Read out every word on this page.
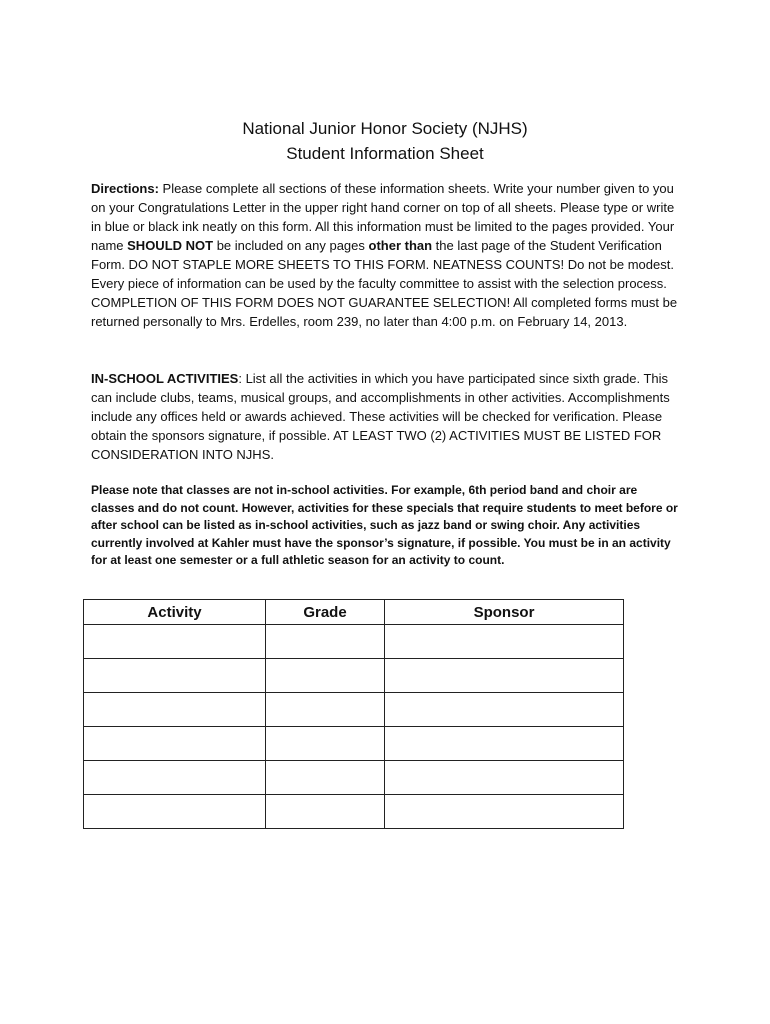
National Junior Honor Society (NJHS)
Student Information Sheet
Directions: Please complete all sections of these information sheets. Write your number given to you on your Congratulations Letter in the upper right hand corner on top of all sheets. Please type or write in blue or black ink neatly on this form. All this information must be limited to the pages provided. Your name SHOULD NOT be included on any pages other than the last page of the Student Verification Form. DO NOT STAPLE MORE SHEETS TO THIS FORM. NEATNESS COUNTS! Do not be modest. Every piece of information can be used by the faculty committee to assist with the selection process. COMPLETION OF THIS FORM DOES NOT GUARANTEE SELECTION! All completed forms must be returned personally to Mrs. Erdelles, room 239, no later than 4:00 p.m. on February 14, 2013.
IN-SCHOOL ACTIVITIES: List all the activities in which you have participated since sixth grade. This can include clubs, teams, musical groups, and accomplishments in other activities. Accomplishments include any offices held or awards achieved. These activities will be checked for verification. Please obtain the sponsors signature, if possible. AT LEAST TWO (2) ACTIVITIES MUST BE LISTED FOR CONSIDERATION INTO NJHS.
Please note that classes are not in-school activities. For example, 6th period band and choir are classes and do not count. However, activities for these specials that require students to meet before or after school can be listed as in-school activities, such as jazz band or swing choir. Any activities currently involved at Kahler must have the sponsor’s signature, if possible. You must be in an activity for at least one semester or a full athletic season for an activity to count.
Activity	Grade	Sponsor
